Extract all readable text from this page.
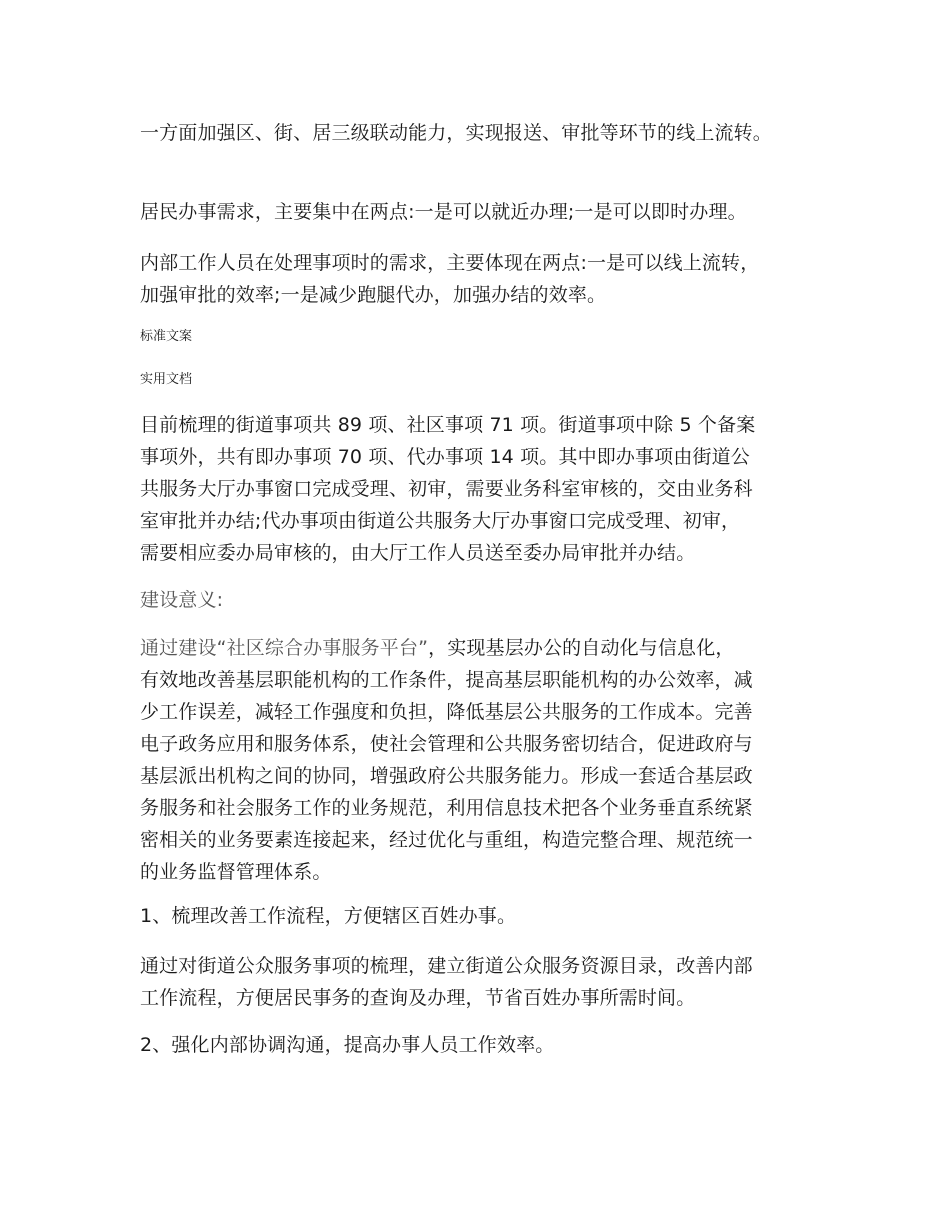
一方面加强区、街、居三级联动能力，实现报送、审批等环节的线上流转。
居民办事需求，主要集中在两点:一是可以就近办理;一是可以即时办理。
内部工作人员在处理事项时的需求，主要体现在两点:一是可以线上流转，
加强审批的效率;一是减少跑腿代办，加强办结的效率。
标准文案
实用文档
目前梳理的街道事项共 89 项、社区事项 71 项。街道事项中除 5 个备案
事项外，共有即办事项 70 项、代办事项 14 项。其中即办事项由街道公
共服务大厅办事窗口完成受理、初审，需要业务科室审核的，交由业务科
室审批并办结;代办事项由街道公共服务大厅办事窗口完成受理、初审，
需要相应委办局审核的，由大厅工作人员送至委办局审批并办结。
建设意义:
通过建设“社区综合办事服务平台”，实现基层办公的自动化与信息化，
有效地改善基层职能机构的工作条件，提高基层职能机构的办公效率，减
少工作误差，减轻工作强度和负担，降低基层公共服务的工作成本。完善
电子政务应用和服务体系，使社会管理和公共服务密切结合，促进政府与
基层派出机构之间的协同，增强政府公共服务能力。形成一套适合基层政
务服务和社会服务工作的业务规范，利用信息技术把各个业务垂直系统紧
密相关的业务要素连接起来，经过优化与重组，构造完整合理、规范统一
的业务监督管理体系。
1、梳理改善工作流程，方便辖区百姓办事。
通过对街道公众服务事项的梳理，建立街道公众服务资源目录，改善内部
工作流程，方便居民事务的查询及办理，节省百姓办事所需时间。
2、强化内部协调沟通，提高办事人员工作效率。
